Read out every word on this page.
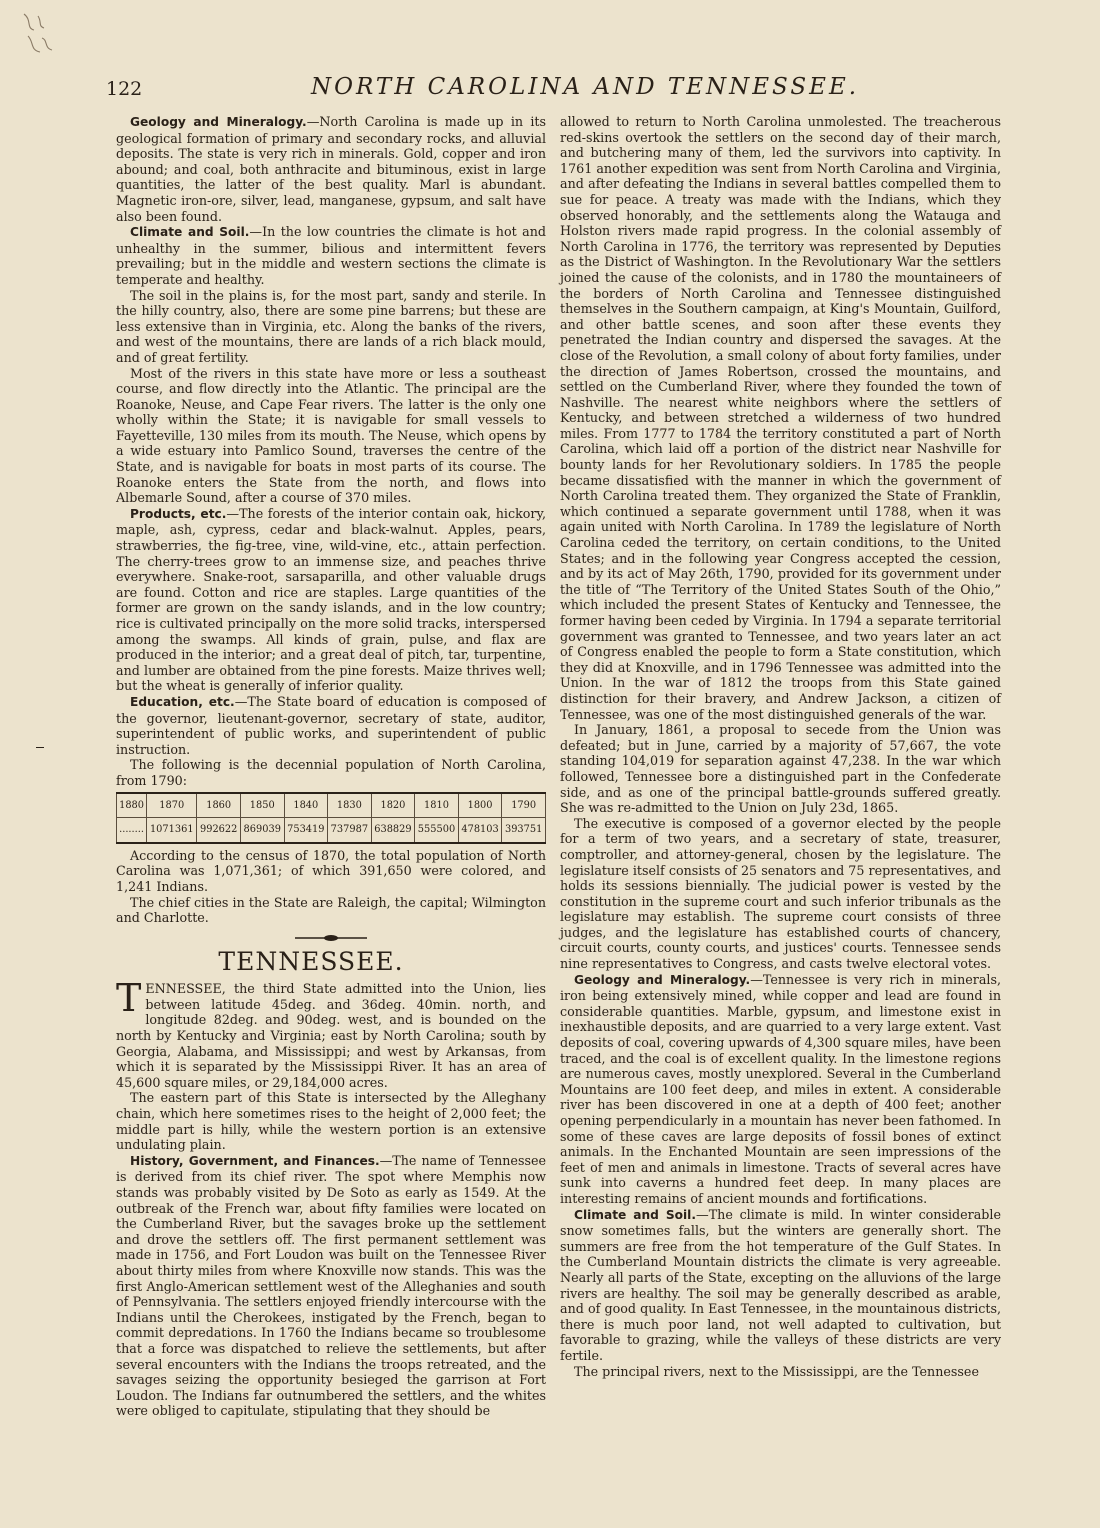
122	NORTH CAROLINA AND TENNESSEE.

Geology and Mineralogy.—North Carolina is made up in its geological formation of primary and secondary rocks, and alluvial deposits. The state is very rich in minerals. Gold, copper and iron abound; and coal, both anthracite and bituminous, exist in large quantities, the latter of the best quality. Marl is abundant. Magnetic iron-ore, silver, lead, manganese, gypsum, and salt have also been found.

Climate and Soil.—In the low countries the climate is hot and unhealthy in the summer, bilious and intermittent fevers prevailing; but in the middle and western sections the climate is temperate and healthy.

The soil in the plains is, for the most part, sandy and sterile. In the hilly country, also, there are some pine barrens; but these are less extensive than in Virginia, etc. Along the banks of the rivers, and west of the mountains, there are lands of a rich black mould, and of great fertility.

Most of the rivers in this state have more or less a southeast course, and flow directly into the Atlantic. The principal are the Roanoke, Neuse, and Cape Fear rivers. The latter is the only one wholly within the State; it is navigable for small vessels to Fayetteville, 130 miles from its mouth. The Neuse, which opens by a wide estuary into Pamlico Sound, traverses the centre of the State, and is navigable for boats in most parts of its course. The Roanoke enters the State from the north, and flows into Albemarle Sound, after a course of 370 miles.

Products, etc.—The forests of the interior contain oak, hickory, maple, ash, cypress, cedar and black-walnut. Apples, pears, strawberries, the fig-tree, vine, wild-vine, etc., attain perfection. The cherry-trees grow to an immense size, and peaches thrive everywhere. Snake-root, sarsaparilla, and other valuable drugs are found. Cotton and rice are staples. Large quantities of the former are grown on the sandy islands, and in the low country; rice is cultivated principally on the more solid tracks, interspersed among the swamps. All kinds of grain, pulse, and flax are produced in the interior; and a great deal of pitch, tar, turpentine, and lumber are obtained from the pine forests. Maize thrives well; but the wheat is generally of inferior quality.

Education, etc.—The State board of education is composed of the governor, lieutenant-governor, secretary of state, auditor, superintendent of public works, and superintendent of public instruction.

The following is the decennial population of North Carolina, from 1790:

1880	1870	1860	1850	1840	1830	1820	1810	1800	1790
........	1071361	992622	869039	753419	737987	638829	555500	478103	393751

According to the census of 1870, the total population of North Carolina was 1,071,361; of which 391,650 were colored, and 1,241 Indians.

The chief cities in the State are Raleigh, the capital; Wilmington and Charlotte.

TENNESSEE.

TENNESSEE, the third State admitted into the Union, lies between latitude 45deg. and 36deg. 40min. north, and longitude 82deg. and 90deg. west, and is bounded on the north by Kentucky and Virginia; east by North Carolina; south by Georgia, Alabama, and Mississippi; and west by Arkansas, from which it is separated by the Mississippi River. It has an area of 45,600 square miles, or 29,184,000 acres.

The eastern part of this State is intersected by the Alleghany chain, which here sometimes rises to the height of 2,000 feet; the middle part is hilly, while the western portion is an extensive undulating plain.

History, Government, and Finances.—The name of Tennessee is derived from its chief river. The spot where Memphis now stands was probably visited by De Soto as early as 1549. At the outbreak of the French war, about fifty families were located on the Cumberland River, but the savages broke up the settlement and drove the settlers off. The first permanent settlement was made in 1756, and Fort Loudon was built on the Tennessee River about thirty miles from where Knoxville now stands. This was the first Anglo-American settlement west of the Alleghanies and south of Pennsylvania. The settlers enjoyed friendly intercourse with the Indians until the Cherokees, instigated by the French, began to commit depredations. In 1760 the Indians became so troublesome that a force was dispatched to relieve the settlements, but after several encounters with the Indians the troops retreated, and the savages seizing the opportunity besieged the garrison at Fort Loudon. The Indians far outnumbered the settlers, and the whites were obliged to capitulate, stipulating that they should be

allowed to return to North Carolina unmolested. The treacherous red-skins overtook the settlers on the second day of their march, and butchering many of them, led the survivors into captivity. In 1761 another expedition was sent from North Carolina and Virginia, and after defeating the Indians in several battles compelled them to sue for peace. A treaty was made with the Indians, which they observed honorably, and the settlements along the Watauga and Holston rivers made rapid progress. In the colonial assembly of North Carolina in 1776, the territory was represented by Deputies as the District of Washington. In the Revolutionary War the settlers joined the cause of the colonists, and in 1780 the mountaineers of the borders of North Carolina and Tennessee distinguished themselves in the Southern campaign, at King's Mountain, Guilford, and other battle scenes, and soon after these events they penetrated the Indian country and dispersed the savages. At the close of the Revolution, a small colony of about forty families, under the direction of James Robertson, crossed the mountains, and settled on the Cumberland River, where they founded the town of Nashville. The nearest white neighbors where the settlers of Kentucky, and between stretched a wilderness of two hundred miles. From 1777 to 1784 the territory constituted a part of North Carolina, which laid off a portion of the district near Nashville for bounty lands for her Revolutionary soldiers. In 1785 the people became dissatisfied with the manner in which the government of North Carolina treated them. They organized the State of Franklin, which continued a separate government until 1788, when it was again united with North Carolina. In 1789 the legislature of North Carolina ceded the territory, on certain conditions, to the United States; and in the following year Congress accepted the cession, and by its act of May 26th, 1790, provided for its government under the title of “The Territory of the United States South of the Ohio,” which included the present States of Kentucky and Tennessee, the former having been ceded by Virginia. In 1794 a separate territorial government was granted to Tennessee, and two years later an act of Congress enabled the people to form a State constitution, which they did at Knoxville, and in 1796 Tennessee was admitted into the Union. In the war of 1812 the troops from this State gained distinction for their bravery, and Andrew Jackson, a citizen of Tennessee, was one of the most distinguished generals of the war.

In January, 1861, a proposal to secede from the Union was defeated; but in June, carried by a majority of 57,667, the vote standing 104,019 for separation against 47,238. In the war which followed, Tennessee bore a distinguished part in the Confederate side, and as one of the principal battle-grounds suffered greatly. She was re-admitted to the Union on July 23d, 1865.

The executive is composed of a governor elected by the people for a term of two years, and a secretary of state, treasurer, comptroller, and attorney-general, chosen by the legislature. The legislature itself consists of 25 senators and 75 representatives, and holds its sessions biennially. The judicial power is vested by the constitution in the supreme court and such inferior tribunals as the legislature may establish. The supreme court consists of three judges, and the legislature has established courts of chancery, circuit courts, county courts, and justices' courts. Tennessee sends nine representatives to Congress, and casts twelve electoral votes.

Geology and Mineralogy.—Tennessee is very rich in minerals, iron being extensively mined, while copper and lead are found in considerable quantities. Marble, gypsum, and limestone exist in inexhaustible deposits, and are quarried to a very large extent. Vast deposits of coal, covering upwards of 4,300 square miles, have been traced, and the coal is of excellent quality. In the limestone regions are numerous caves, mostly unexplored. Several in the Cumberland Mountains are 100 feet deep, and miles in extent. A considerable river has been discovered in one at a depth of 400 feet; another opening perpendicularly in a mountain has never been fathomed. In some of these caves are large deposits of fossil bones of extinct animals. In the Enchanted Mountain are seen impressions of the feet of men and animals in limestone. Tracts of several acres have sunk into caverns a hundred feet deep. In many places are interesting remains of ancient mounds and fortifications.

Climate and Soil.—The climate is mild. In winter considerable snow sometimes falls, but the winters are generally short. The summers are free from the hot temperature of the Gulf States. In the Cumberland Mountain districts the climate is very agreeable. Nearly all parts of the State, excepting on the alluvions of the large rivers are healthy. The soil may be generally described as arable, and of good quality. In East Tennessee, in the mountainous districts, there is much poor land, not well adapted to cultivation, but favorable to grazing, while the valleys of these districts are very fertile.

The principal rivers, next to the Mississippi, are the Tennessee
